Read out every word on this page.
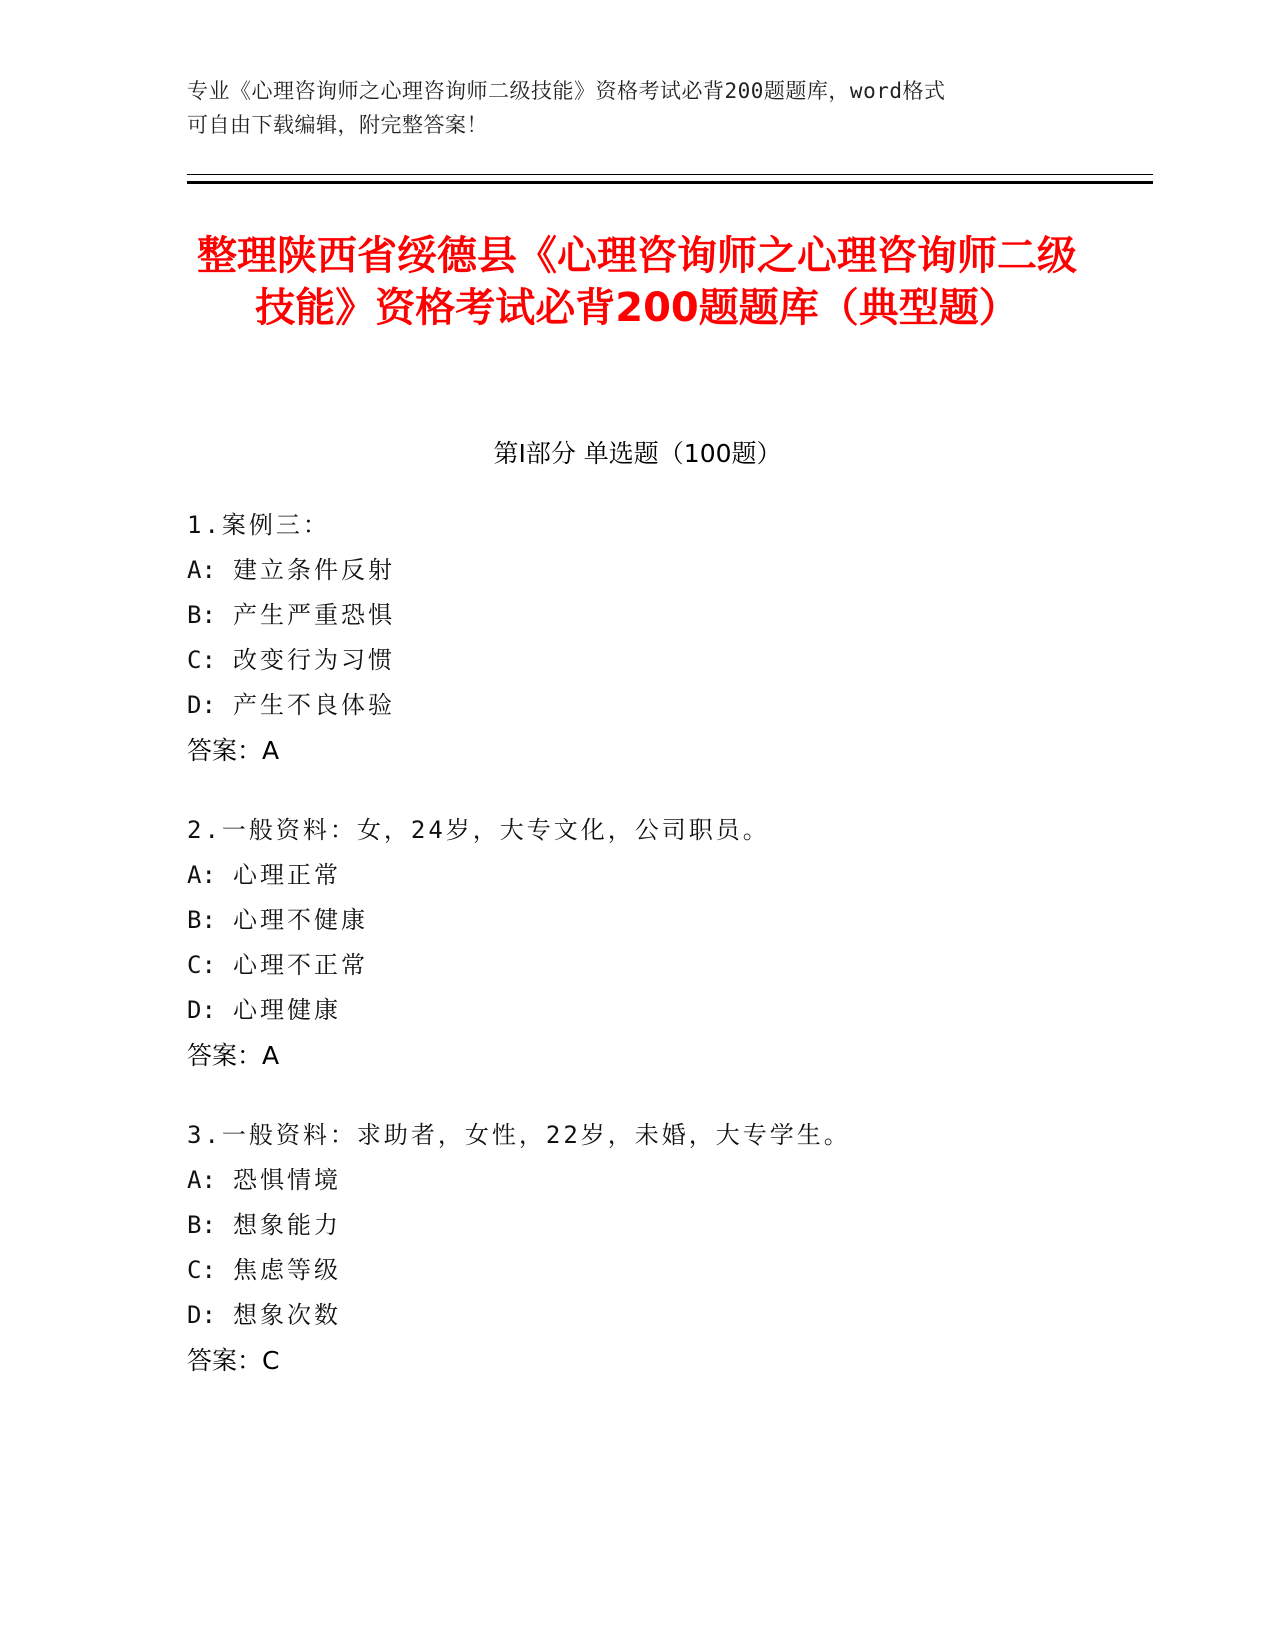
专业《心理咨询师之心理咨询师二级技能》资格考试必背200题题库，word格式
可自由下载编辑，附完整答案！
整理陕西省绥德县《心理咨询师之心理咨询师二级技能》资格考试必背200题题库（典型题）
第Ⅰ部分 单选题（100题）
1.案例三：
A: 建立条件反射
B: 产生严重恐惧
C: 改变行为习惯
D: 产生不良体验
答案：A
2.一般资料：女，24岁，大专文化，公司职员。
A: 心理正常
B: 心理不健康
C: 心理不正常
D: 心理健康
答案：A
3.一般资料：求助者，女性，22岁，未婚，大专学生。
A: 恐惧情境
B: 想象能力
C: 焦虑等级
D: 想象次数
答案：C
